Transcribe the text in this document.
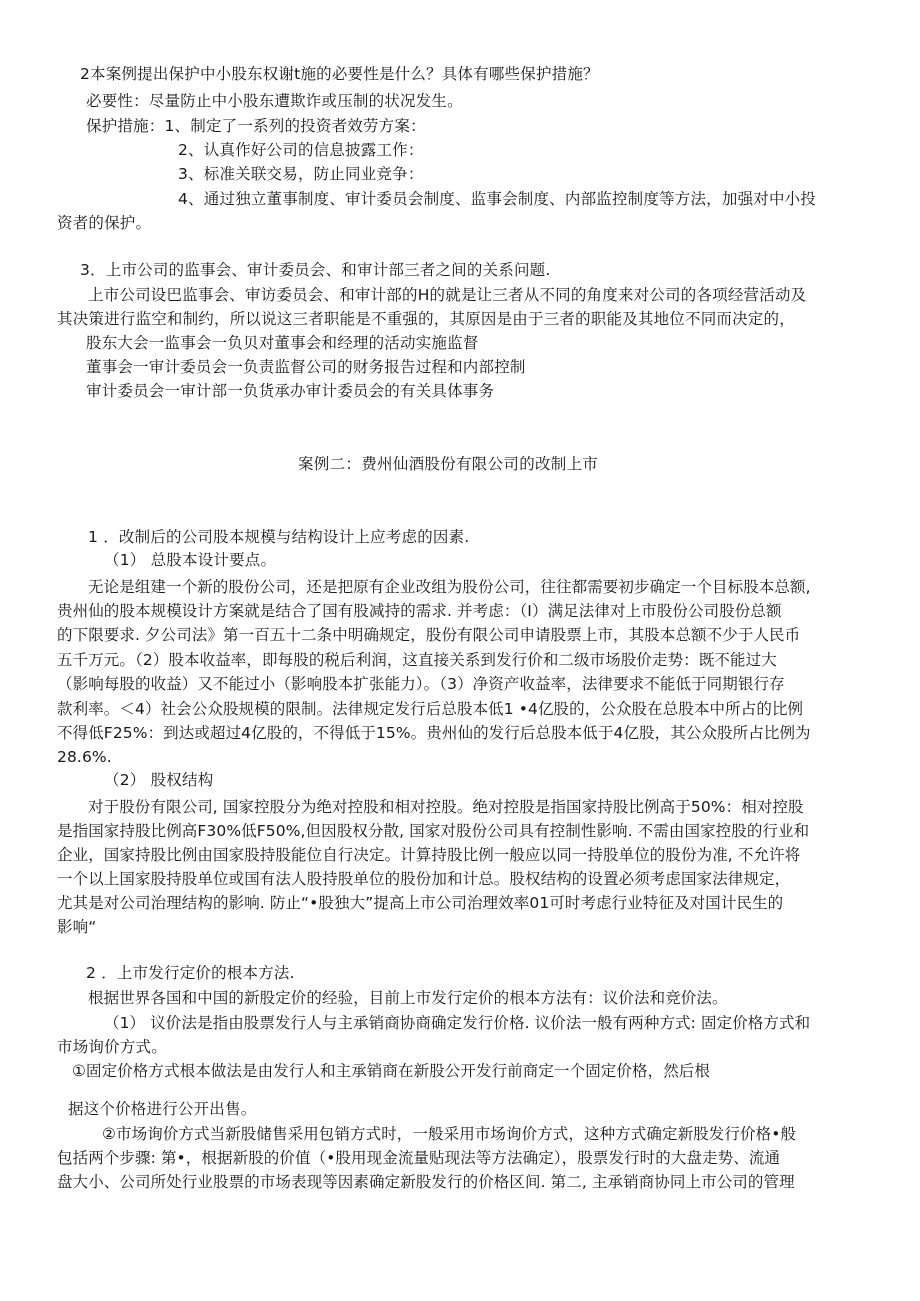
2本案例提出保护中小股东权谢t施的必要性是什么？具体有哪些保护措施？
必要性：尽量防止中小股东遭欺诈或压制的状况发生。
保护措施：1、制定了一系列的投资者效劳方案：
2、认真作好公司的信息披露工作：
3、标准关联交易，防止同业竞争：
4、通过独立董事制度、审计委员会制度、监事会制度、内部监控制度等方法，加强对中小投
资者的保护。
3．上市公司的监事会、审计委员会、和审计部三者之间的关系问题.
上市公司设巴监事会、审访委员会、和审计部的H的就是让三者从不同的角度来对公司的各项经营活动及
其决策进行监空和制约，所以说这三者职能是不重强的，其原因是由于三者的职能及其地位不同而决定的，
股东大会一监事会一负贝对董事会和经理的活动实施监督
董事会一审计委员会一负责监督公司的财务报告过程和内部控制
审计委员会一审计部一负货承办审计委员会的有关具体事务
案例二：费州仙酒股份有限公司的改制上市
1 ．改制后的公司股本规模与结构设计上应考虑的因素.
（1） 总股本设计要点。
无论是组建一个新的股份公司，还是把原有企业改组为股份公司，往往都需要初步确定一个目标股本总额,
贵州仙的股本规模设计方案就是结合了国有股减持的需求. 并考虑：（I）满足法律对上市股份公司股份总额
的下限要求. 夕公司法》第一百五十二条中明确规定，股份有限公司申请股票上市，其股本总额不少于人民币
五千万元。（2）股本收益率，即每股的税后利润，这直接关系到发行价和二级市场股价走势：既不能过大
（影响每股的收益）又不能过小（影响股本扩张能力）。（3）净资产收益率，法律要求不能低于同期银行存
款利率。＜4）社会公众股规模的限制。法律规定发行后总股本低1 •4亿股的，公众股在总股本中所占的比例
不得低F25%：到达或超过4亿股的，不得低于15%。贵州仙的发行后总股本低于4亿股，其公众股所占比例为
28.6%.
（2） 股权结构
对于股份有限公司, 国家控股分为绝对控股和相对控股。绝对控股是指国家持股比例高于50%：相对控股
是指国家持股比例高F30%低F50%,但因股权分散, 国家对股份公司具有控制性影响. 不需由国家控股的行业和
企业，国家持股比例由国家股持股能位自行决定。计算持股比例一般应以同一持股单位的股份为准, 不允许将
一个以上国家股持股单位或国有法人股持股单位的股份加和计总。股权结构的设置必须考虑国家法律规定，
尤其是对公司治理结构的影响. 防止“•股独大”提高上市公司治理效率01可时考虑行业特征及对国计民生的
影响“
2 ．上市发行定价的根本方法.
根据世界各国和中国的新股定价的经验，目前上市发行定价的根本方法有：议价法和竞价法。
（1） 议价法是指由股票发行人与主承销商协商确定发行价格. 议价法一般有两种方式: 固定价格方式和
市场询价方式。
①固定价格方式根本做法是由发行人和主承销商在新股公开发行前商定一个固定价格，然后根
据这个价格进行公开出售。
②市场询价方式当新股储售采用包销方式时，一般采用市场询价方式，这种方式确定新股发行价格•般
包括两个步骤: 第•，根据新股的价值（•股用现金流量贴现法等方法确定），股票发行时的大盘走势、流通
盘大小、公司所处行业股票的市场表现等因素确定新股发行的价格区间. 第二, 主承销商协同上市公司的管理
